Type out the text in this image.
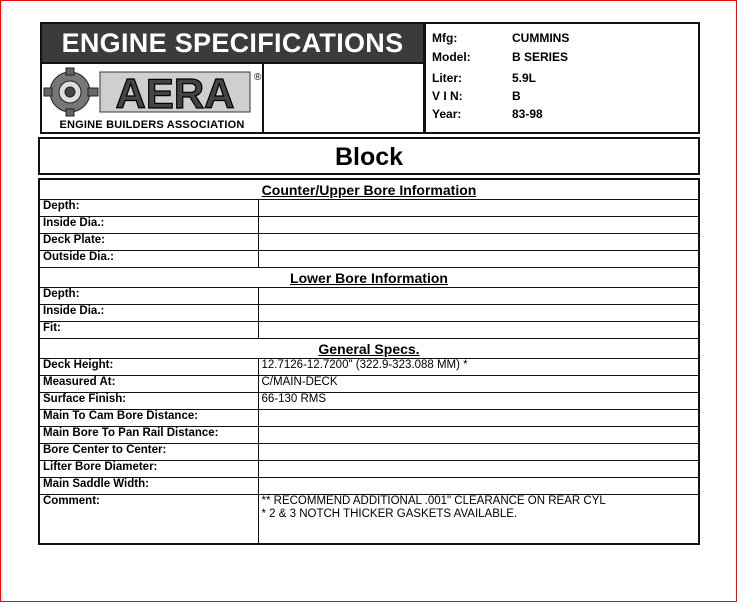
ENGINE SPECIFICATIONS
AERA ®
ENGINE BUILDERS ASSOCIATION
Mfg:	CUMMINS
Model:	B SERIES
Liter:	5.9L
V I N:	B
Year:	83-98
Block
Counter/Upper Bore Information	
Depth:	
Inside Dia.:	
Deck Plate:	
Outside Dia.:	
Lower Bore Information	
Depth:	
Inside Dia.:	
Fit:	
General Specs.	
Deck Height:	12.7126-12.7200" (322.9-323.088 MM) *
Measured At:	C/MAIN-DECK
Surface Finish:	66-130 RMS
Main To Cam Bore Distance:	
Main Bore To Pan Rail Distance:	
Bore Center to Center:	
Lifter Bore Diameter:	
Main Saddle Width:	
Comment:	** RECOMMEND ADDITIONAL .001" CLEARANCE ON REAR CYL
* 2 & 3 NOTCH THICKER GASKETS AVAILABLE.
